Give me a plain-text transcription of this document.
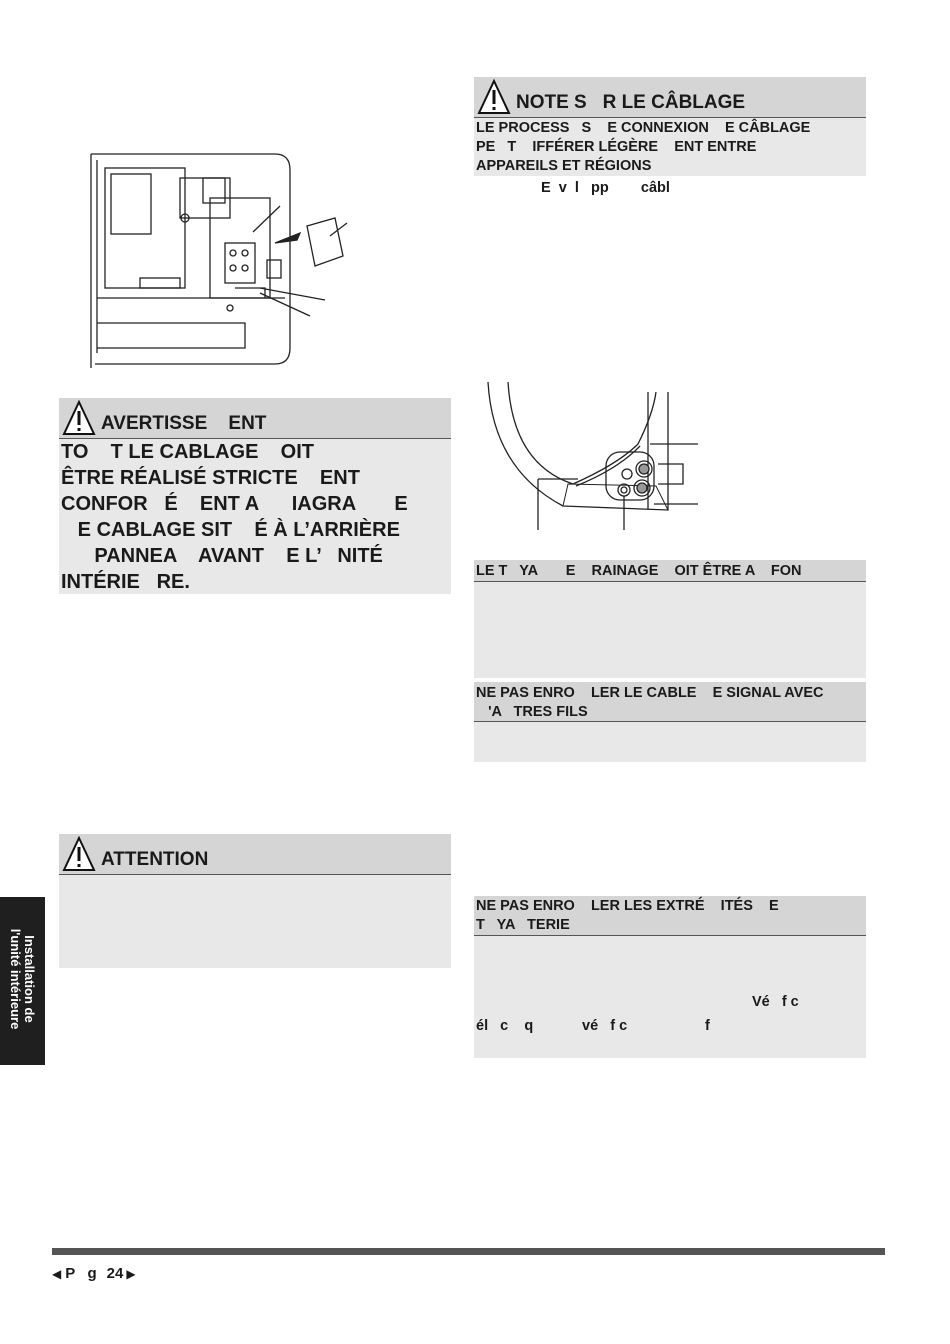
AVERTISSE    ENT
TO    T LE CABLAGE    OIT
ÊTRE RÉALISÉ STRICTE    ENT
CONFOR   É    ENT A      IAGRA       E
E CABLAGE SIT    É À L’ARRIÈRE
PANNEA    AVANT    E L’   NITÉ
INTÉRIE   RE.
ATTENTION
Installation de
l'unité intérieure
NOTE S   R LE CÂBLAGE
LE PROCESS   S    E CONNEXION    E CÂBLAGE
PE   T    IFFÉRER LÉGÈRE    ENT ENTRE
APPAREILS ET RÉGIONS
E  v  l   pp        câbl
LE T   YA       E    RAINAGE    OIT ÊTRE A    FON
NE PAS ENRO    LER LE CABLE    E SIGNAL AVEC
'A   TRES FILS
NE PAS ENRO    LER LES EXTRÉ    ITÉS    E
T   YA   TERIE
Vé   f c
él   c    q	vé   f c	f
◀ P   g 24 ▶
